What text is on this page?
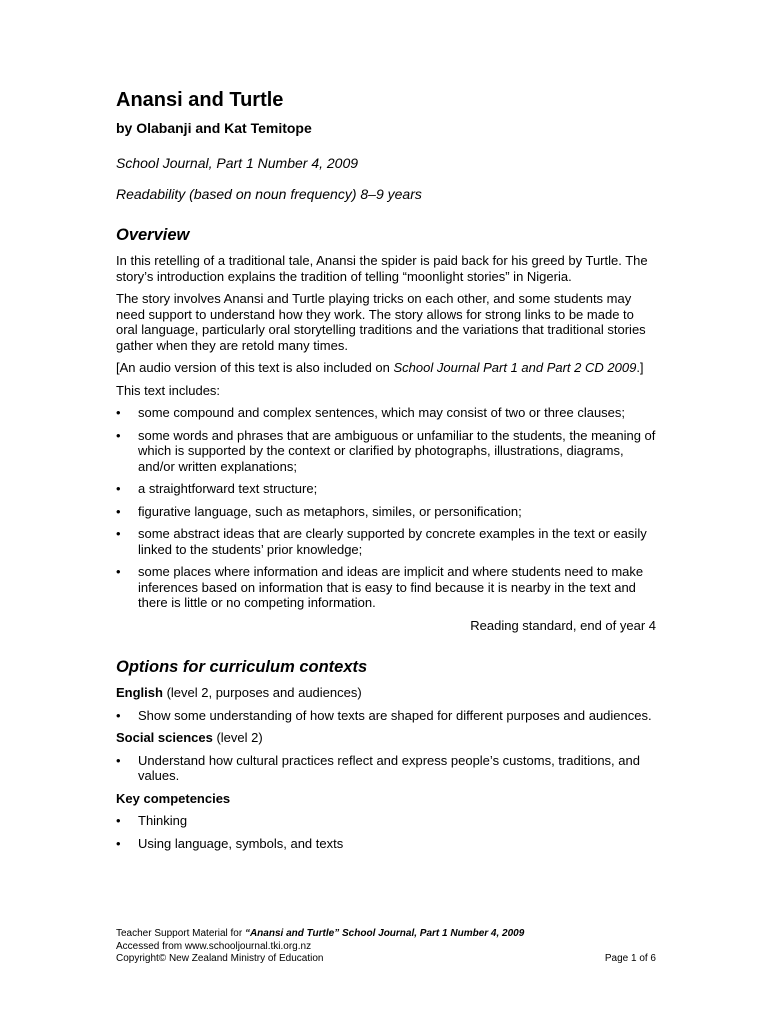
Anansi and Turtle
by Olabanji and Kat Temitope
School Journal, Part 1 Number 4, 2009
Readability (based on noun frequency) 8–9 years
Overview

In this retelling of a traditional tale, Anansi the spider is paid back for his greed by Turtle. The story’s introduction explains the tradition of telling “moonlight stories” in Nigeria.

The story involves Anansi and Turtle playing tricks on each other, and some students may need support to understand how they work. The story allows for strong links to be made to oral language, particularly oral storytelling traditions and the variations that traditional stories gather when they are retold many times.

[An audio version of this text is also included on School Journal Part 1 and Part 2 CD 2009.]

This text includes:

• some compound and complex sentences, which may consist of two or three clauses;
• some words and phrases that are ambiguous or unfamiliar to the students, the meaning of which is supported by the context or clarified by photographs, illustrations, diagrams, and/or written explanations;
• a straightforward text structure;
• figurative language, such as metaphors, similes, or personification;
• some abstract ideas that are clearly supported by concrete examples in the text or easily linked to the students’ prior knowledge;
• some places where information and ideas are implicit and where students need to make inferences based on information that is easy to find because it is nearby in the text and there is little or no competing information.
Reading standard, end of year 4
Options for curriculum contexts

English (level 2, purposes and audiences)

• Show some understanding of how texts are shaped for different purposes and audiences.

Social sciences (level 2)

• Understand how cultural practices reflect and express people’s customs, traditions, and values.

Key competencies

• Thinking
• Using language, symbols, and texts
Teacher Support Material for “Anansi and Turtle” School Journal, Part 1 Number 4, 2009
Accessed from www.schooljournal.tki.org.nz
Copyright© New Zealand Ministry of Education	Page 1 of 6
